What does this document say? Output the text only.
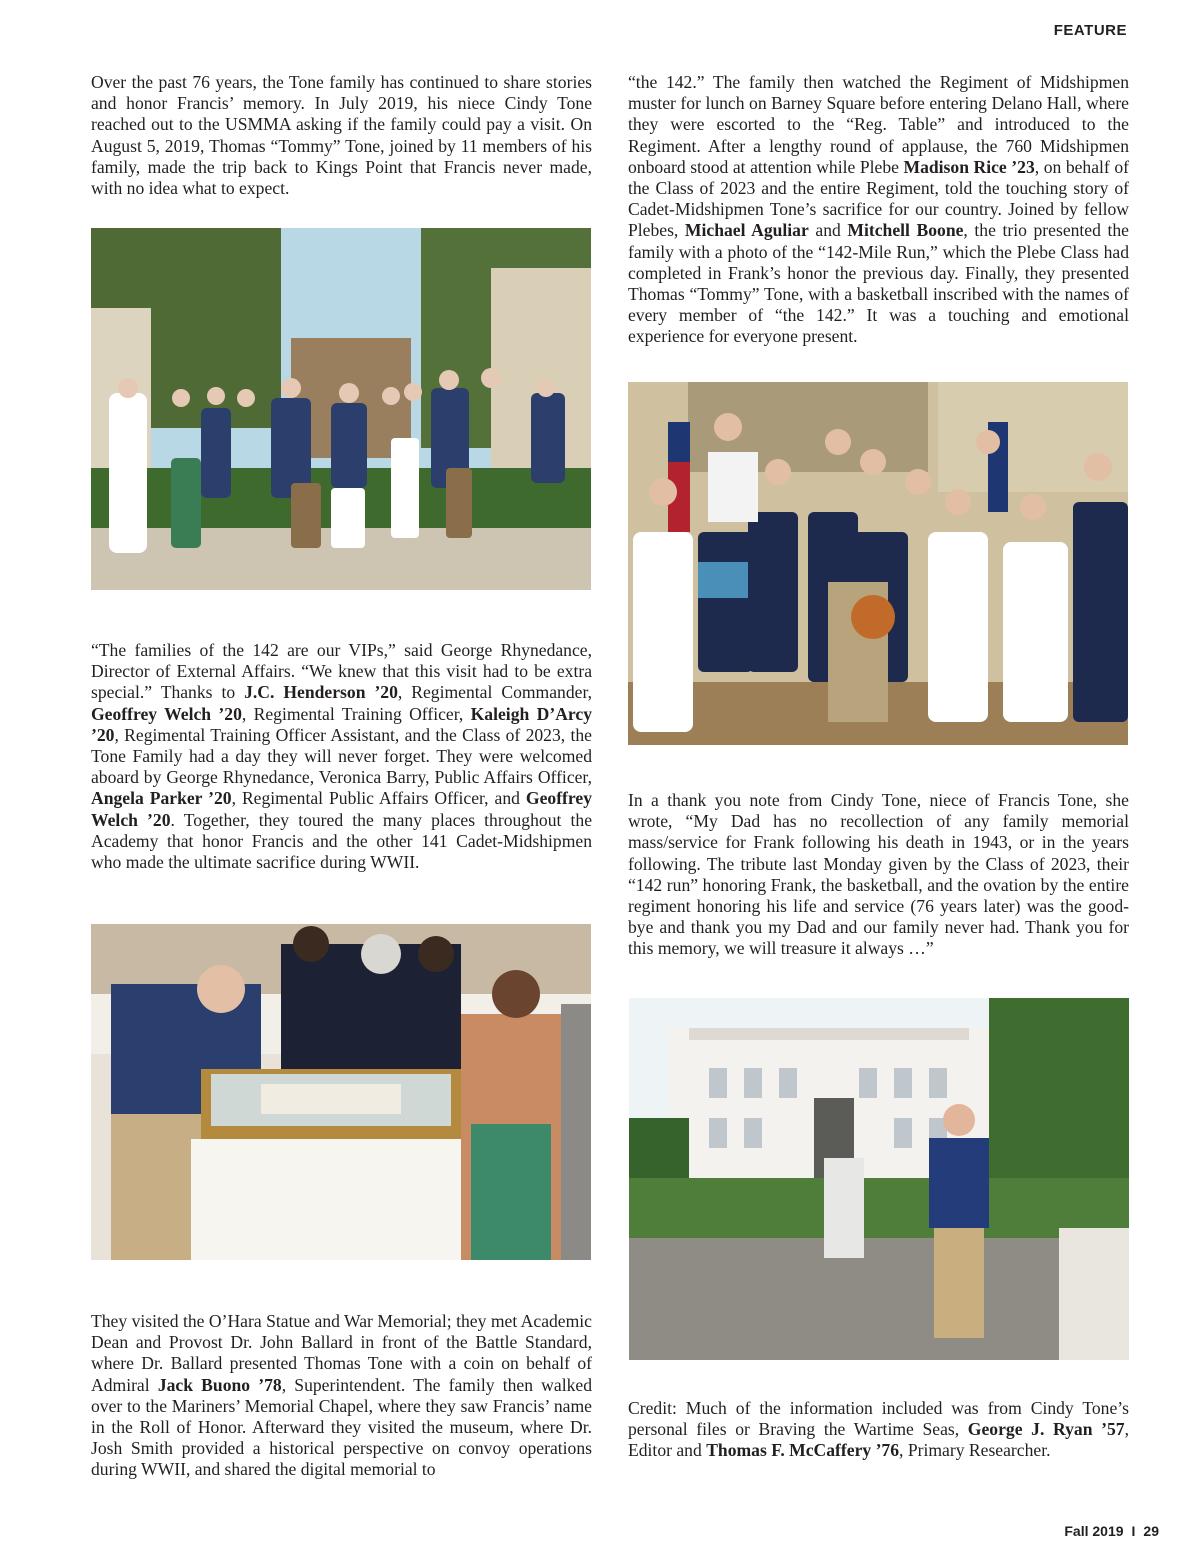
FEATURE

Over the past 76 years, the Tone family has continued to share stories and honor Francis’ memory. In July 2019, his niece Cindy Tone reached out to the USMMA asking if the family could pay a visit. On August 5, 2019, Thomas “Tommy” Tone, joined by 11 members of his family, made the trip back to Kings Point that Francis never made, with no idea what to expect.

“The families of the 142 are our VIPs,” said George Rhynedance, Director of External Affairs. “We knew that this visit had to be extra special.” Thanks to J.C. Henderson ’20, Regimental Commander, Geoffrey Welch ’20, Regimental Training Officer, Kaleigh D’Arcy ’20, Regimental Training Officer Assistant, and the Class of 2023, the Tone Family had a day they will never forget. They were welcomed aboard by George Rhynedance, Veronica Barry, Public Affairs Officer, Angela Parker ’20, Regimental Public Affairs Officer, and Geoffrey Welch ’20. Together, they toured the many places throughout the Academy that honor Francis and the other 141 Cadet-Midshipmen who made the ultimate sacrifice during WWII.

They visited the O’Hara Statue and War Memorial; they met Academic Dean and Provost Dr. John Ballard in front of the Battle Standard, where Dr. Ballard presented Thomas Tone with a coin on behalf of Admiral Jack Buono ’78, Superintendent. The family then walked over to the Mariners’ Memorial Chapel, where they saw Francis’ name in the Roll of Honor. Afterward they visited the museum, where Dr. Josh Smith provided a historical perspective on convoy operations during WWII, and shared the digital memorial to

“the 142.” The family then watched the Regiment of Midshipmen muster for lunch on Barney Square before entering Delano Hall, where they were escorted to the “Reg. Table” and introduced to the Regiment. After a lengthy round of applause, the 760 Midshipmen onboard stood at attention while Plebe Madison Rice ’23, on behalf of the Class of 2023 and the entire Regiment, told the touching story of Cadet-Midshipmen Tone’s sacrifice for our country. Joined by fellow Plebes, Michael Aguliar and Mitchell Boone, the trio presented the family with a photo of the “142-Mile Run,” which the Plebe Class had completed in Frank’s honor the previous day. Finally, they presented Thomas “Tommy” Tone, with a basketball inscribed with the names of every member of “the 142.” It was a touching and emotional experience for everyone present.

In a thank you note from Cindy Tone, niece of Francis Tone, she wrote, “My Dad has no recollection of any family memorial mass/service for Frank following his death in 1943, or in the years following. The tribute last Monday given by the Class of 2023, their “142 run” honoring Frank, the basketball, and the ovation by the entire regiment honoring his life and service (76 years later) was the good-bye and thank you my Dad and our family never had. Thank you for this memory, we will treasure it always …”

Credit: Much of the information included was from Cindy Tone’s personal files or Braving the Wartime Seas, George J. Ryan ’57, Editor and Thomas F. McCaffery ’76, Primary Researcher.

Fall 2019 I 29
